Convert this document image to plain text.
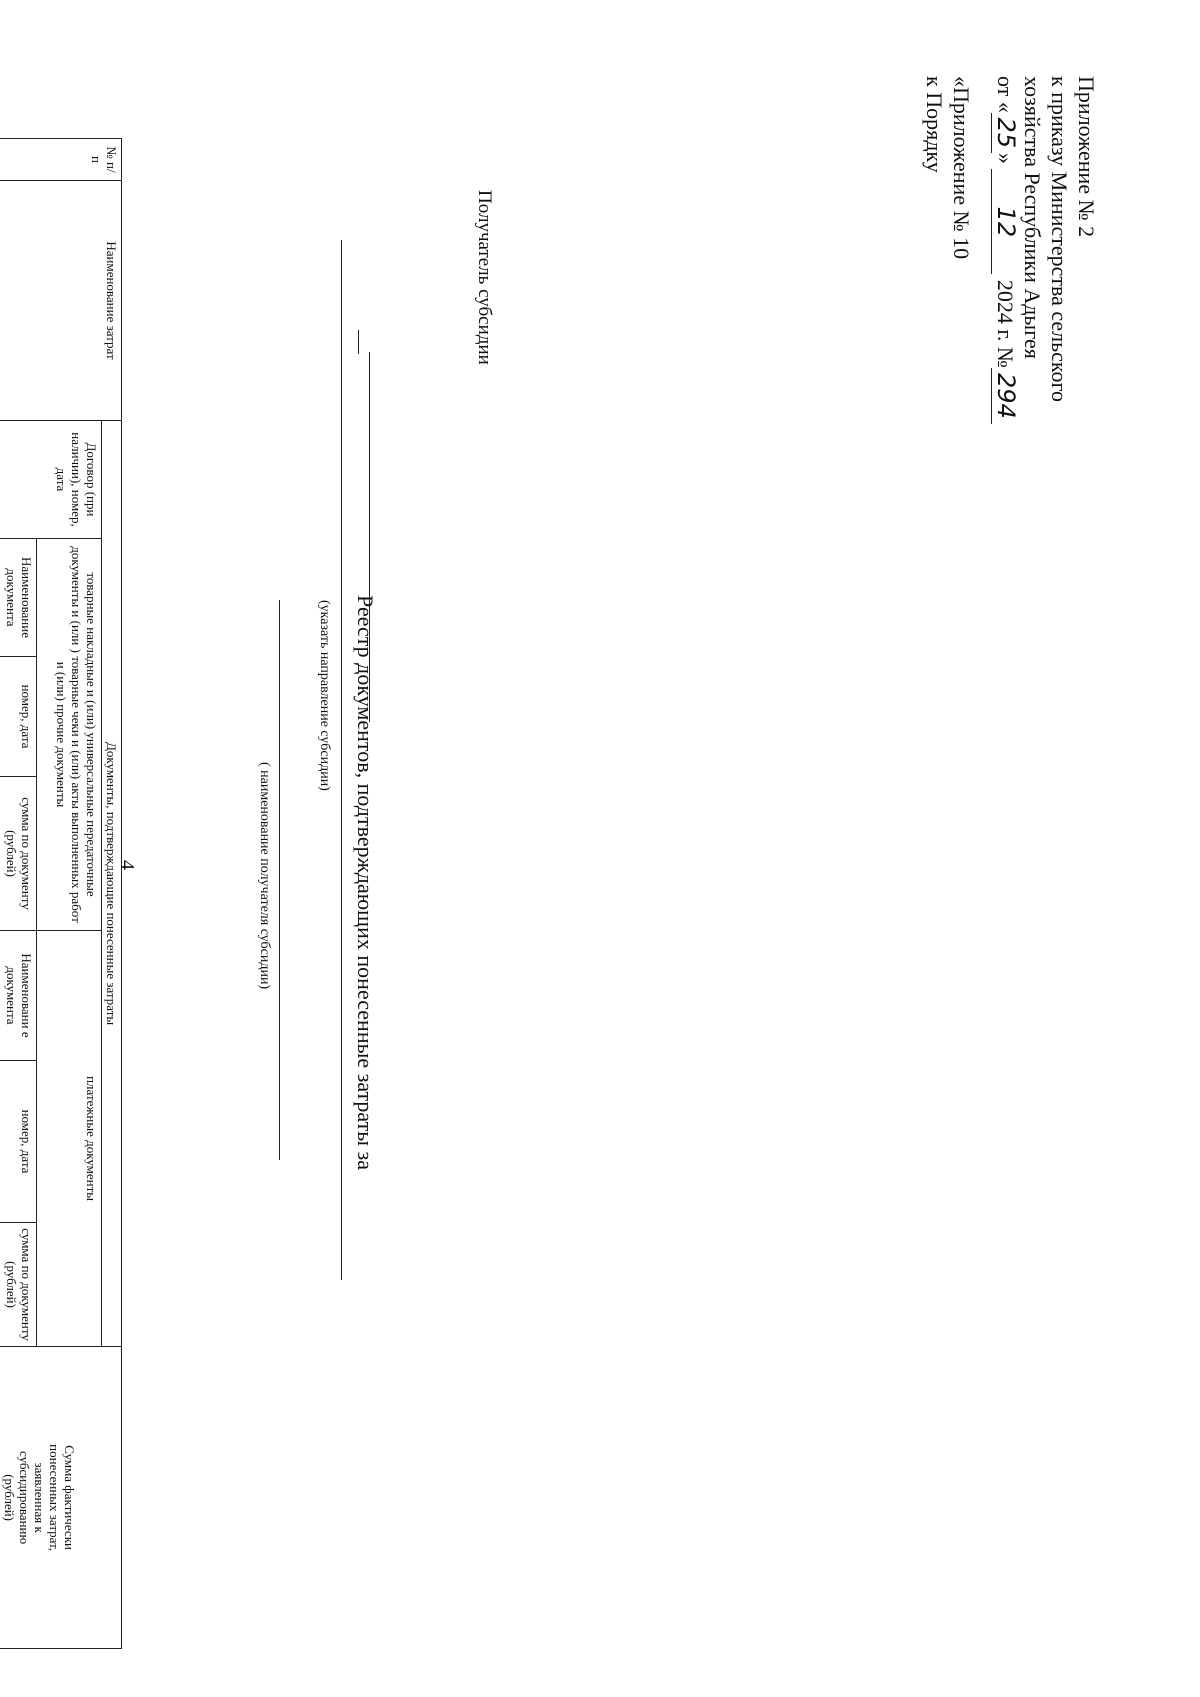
4
Приложение № 2
к приказу Министерства сельского
хозяйства Республики Адыгея
от «25» 12 2024 г. №294
«Приложение № 10
к Порядку
Реестр документов, подтверждающих понесенные затраты за
(указать направление субсидии)
( наименование получателя субсидии)
Получатель субсидии
№ п/п	Наименование затрат	Документы, подтверждающие понесенные затраты								Сумма фактически понесенных затрат, заявленная к субсидированию (рублей)
		Договор (при наличии), номер, дата	товарные накладные и (или) универсальные передаточные документы и (или ) товарные чеки и (или) акты выполненных работ и (или) прочие документы				платежные документы			
			Наименование документа	номер, дата	сумма по документу (рублей)		Наименовани е документа	номер, дата	сумма по документу (рублей)	
